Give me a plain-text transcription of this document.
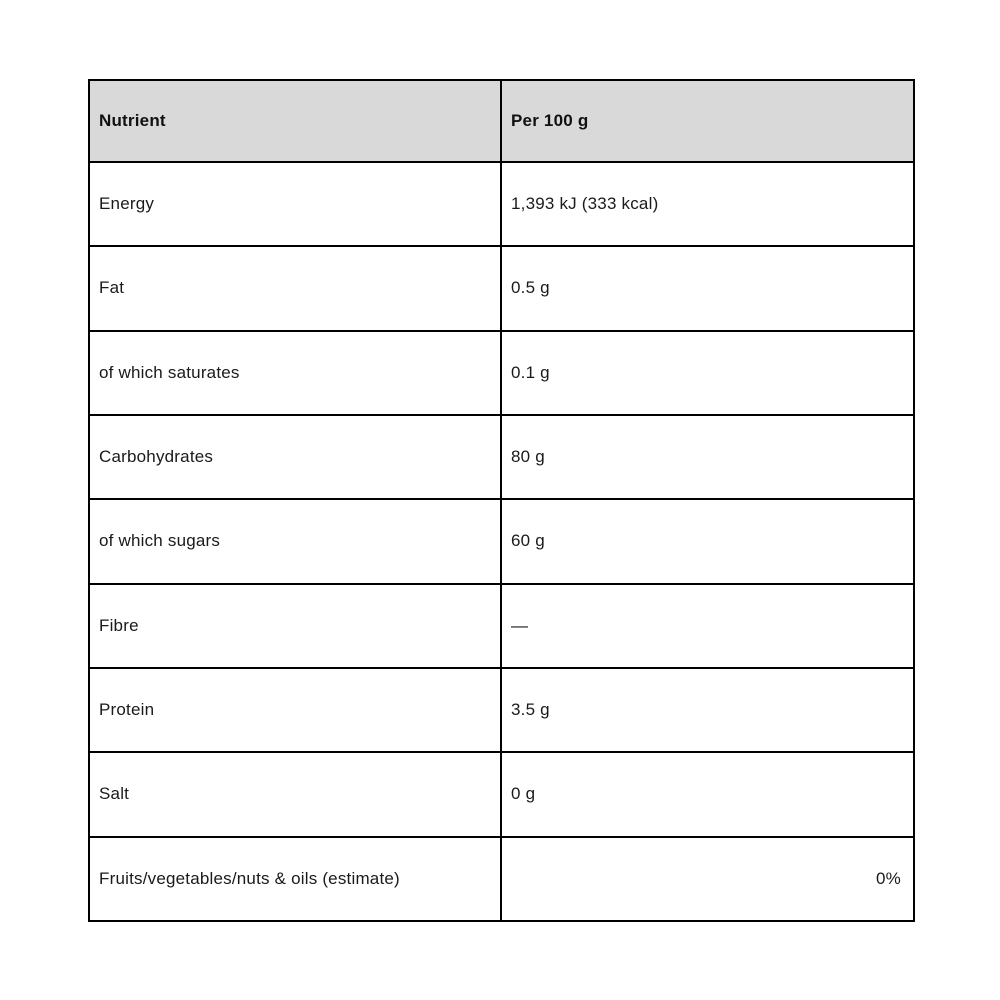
Nutrient	Per 100 g
Energy	1,393 kJ (333 kcal)
Fat	0.5 g
of which saturates	0.1 g
Carbohydrates	80 g
of which sugars	60 g
Fibre	—
Protein	3.5 g
Salt	0 g
Fruits/vegetables/nuts & oils (estimate)	0%
